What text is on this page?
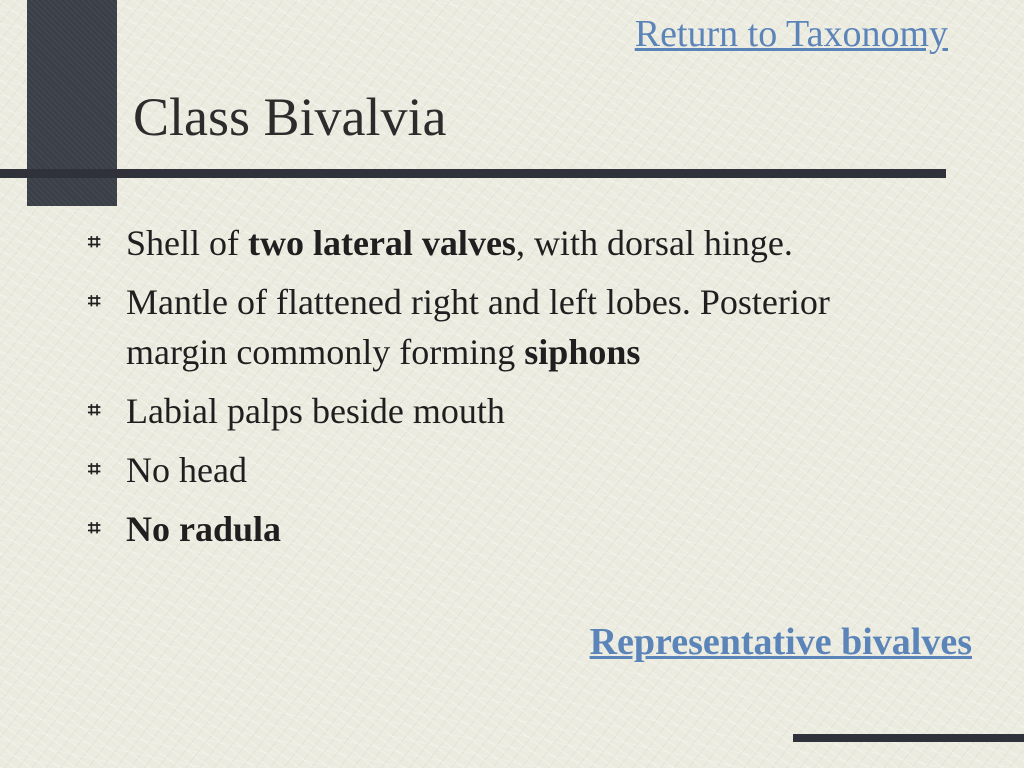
Return to Taxonomy
Class Bivalvia
⌗ Shell of two lateral valves, with dorsal hinge.
⌗ Mantle of flattened right and left lobes. Posterior margin commonly forming siphons
⌗ Labial palps beside mouth
⌗ No head
⌗ No radula
Representative bivalves
